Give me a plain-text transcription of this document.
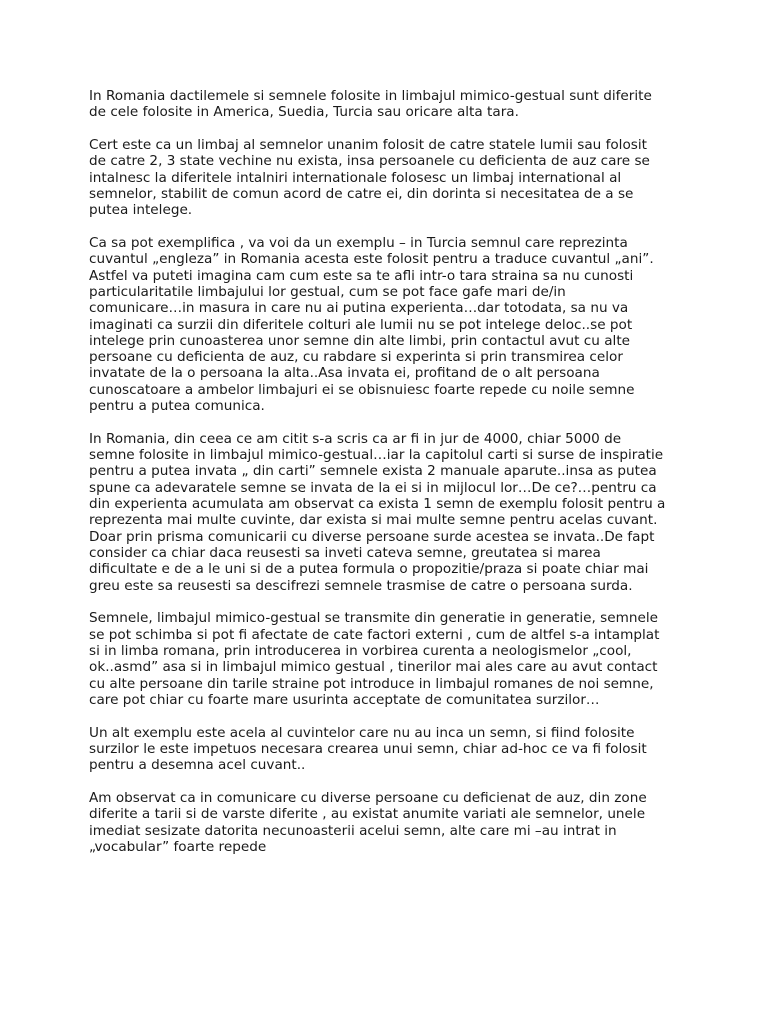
In Romania dactilemele si semnele folosite in limbajul mimico-gestual sunt diferite
de cele folosite in America, Suedia, Turcia sau oricare alta tara.

Cert este ca un limbaj al semnelor unanim folosit de catre statele lumii sau folosit
de catre 2, 3 state vechine nu exista, insa persoanele cu deficienta de auz care se
intalnesc la diferitele intalniri internationale folosesc un limbaj international al
semnelor, stabilit de comun acord de catre ei, din dorinta si necesitatea de a se
putea intelege.

Ca sa pot exemplifica , va voi da un exemplu – in Turcia semnul care reprezinta
cuvantul „engleza” in Romania acesta este folosit pentru a traduce cuvantul „ani”.
Astfel va puteti imagina cam cum este sa te afli intr-o tara straina sa nu cunosti
particularitatile limbajului lor gestual, cum se pot face gafe mari de/in
comunicare…in masura in care nu ai putina experienta…dar totodata, sa nu va
imaginati ca surzii din diferitele colturi ale lumii nu se pot intelege deloc..se pot
intelege prin cunoasterea unor semne din alte limbi, prin contactul avut cu alte
persoane cu deficienta de auz, cu rabdare si experinta si prin transmirea celor
invatate de la o persoana la alta..Asa invata ei, profitand de o alt persoana
cunoscatoare a ambelor limbajuri ei se obisnuiesc foarte repede cu noile semne
pentru a putea comunica.

In Romania, din ceea ce am citit s-a scris ca ar fi in jur de 4000, chiar 5000 de
semne folosite in limbajul mimico-gestual…iar la capitolul carti si surse de inspiratie
pentru a putea invata „ din carti” semnele exista 2 manuale aparute..insa as putea
spune ca adevaratele semne se invata de la ei si in mijlocul lor…De ce?…pentru ca
din experienta acumulata am observat ca exista 1 semn de exemplu folosit pentru a
reprezenta mai multe cuvinte, dar exista si mai multe semne pentru acelas cuvant.
Doar prin prisma comunicarii cu diverse persoane surde acestea se invata..De fapt
consider ca chiar daca reusesti sa inveti cateva semne, greutatea si marea
dificultate e de a le uni si de a putea formula o propozitie/praza si poate chiar mai
greu este sa reusesti sa descifrezi semnele trasmise de catre o persoana surda.

Semnele, limbajul mimico-gestual se transmite din generatie in generatie, semnele
se pot schimba si pot fi afectate de cate factori externi , cum de altfel s-a intamplat
si in limba romana, prin introducerea in vorbirea curenta a neologismelor „cool,
ok..asmd” asa si in limbajul mimico gestual , tinerilor mai ales care au avut contact
cu alte persoane din tarile straine pot introduce in limbajul romanes de noi semne,
care pot chiar cu foarte mare usurinta acceptate de comunitatea surzilor…

Un alt exemplu este acela al cuvintelor care nu au inca un semn, si fiind folosite
surzilor le este impetuos necesara crearea unui semn, chiar ad-hoc ce va fi folosit
pentru a desemna acel cuvant..

Am observat ca in comunicare cu diverse persoane cu deficienat de auz, din zone
diferite a tarii si de varste diferite , au existat anumite variati ale semnelor, unele
imediat sesizate datorita necunoasterii acelui semn, alte care mi –au intrat in
„vocabular” foarte repede
